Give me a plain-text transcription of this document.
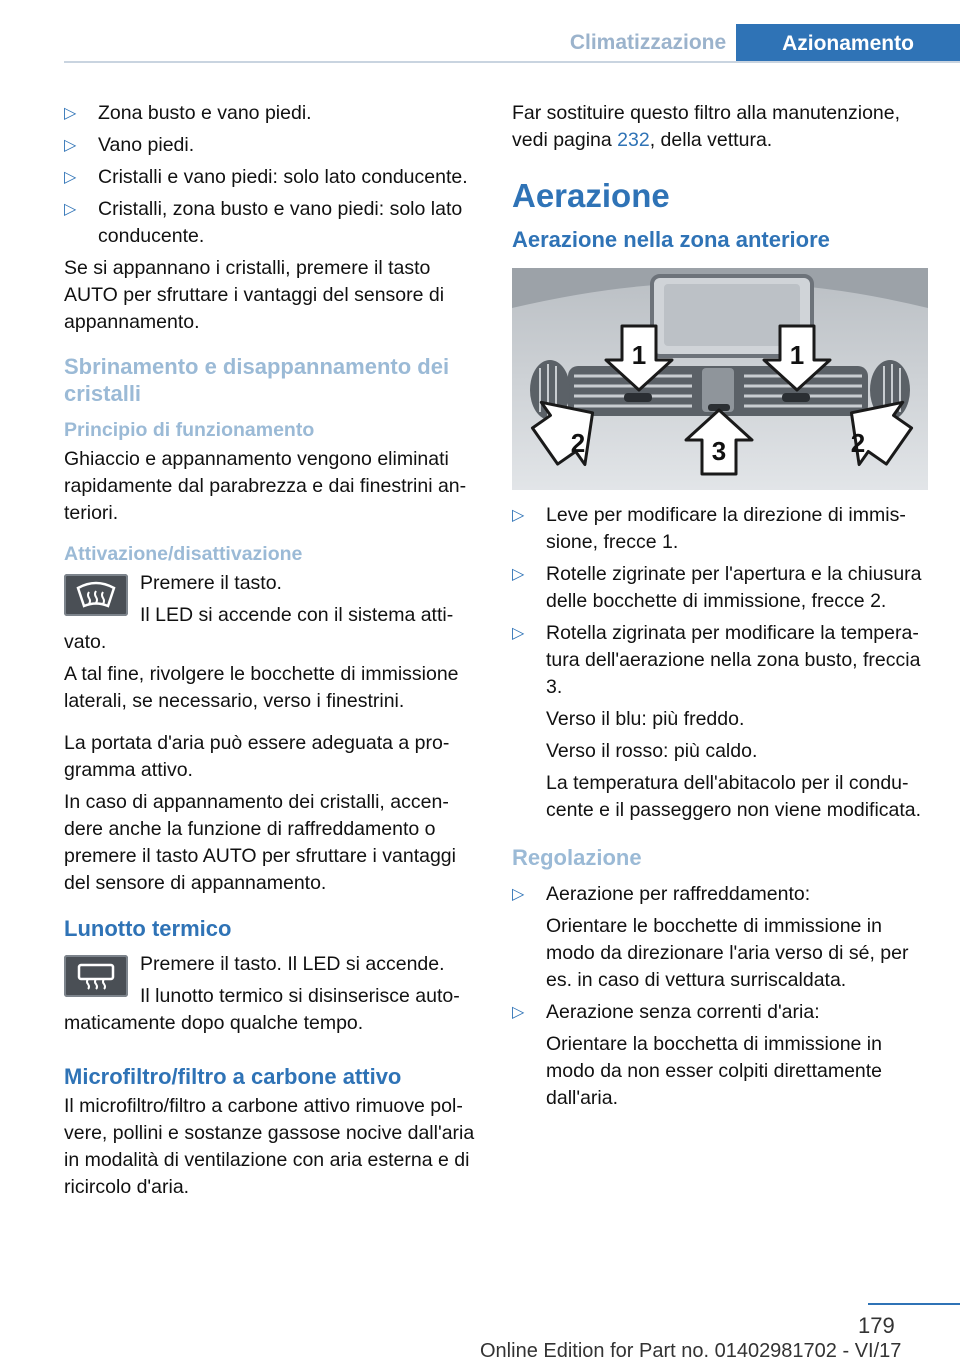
Climatizzazione	Azionamento
▷ Zona busto e vano piedi.
▷ Vano piedi.
▷ Cristalli e vano piedi: solo lato conducente.
▷ Cristalli, zona busto e vano piedi: solo lato conducente.

Se si appannano i cristalli, premere il tasto AUTO per sfruttare i vantaggi del sensore di appannamento.

Sbrinamento e disappannamento dei cristalli
Principio di funzionamento

Ghiaccio e appannamento vengono eliminati rapidamente dal parabrezza e dai finestrini anteriori.

Attivazione/disattivazione

Premere il tasto.

Il LED si accende con il sistema attivato.

A tal fine, rivolgere le bocchette di immissione laterali, se necessario, verso i finestrini.

La portata d'aria può essere adeguata a programma attivo.

In caso di appannamento dei cristalli, accendere anche la funzione di raffreddamento o premere il tasto AUTO per sfruttare i vantaggi del sensore di appannamento.

Lunotto termico

Premere il tasto. Il LED si accende.

Il lunotto termico si disinserisce automaticamente dopo qualche tempo.

Microfiltro/filtro a carbone attivo

Il microfiltro/filtro a carbone attivo rimuove polvere, pollini e sostanze gassose nocive dall'aria in modalità di ventilazione con aria esterna e di ricircolo d'aria.

Far sostituire questo filtro alla manutenzione, vedi pagina 232, della vettura.

Aerazione
Aerazione nella zona anteriore
1	1
2	2
3
▷ Leve per modificare la direzione di immissione, frecce 1.
▷ Rotelle zigrinate per l'apertura e la chiusura delle bocchette di immissione, frecce 2.
▷ Rotella zigrinata per modificare la temperatura dell'aerazione nella zona busto, freccia 3.

Verso il blu: più freddo.

Verso il rosso: più caldo.

La temperatura dell'abitacolo per il conducente e il passeggero non viene modificata.

Regolazione
▷ Aerazione per raffreddamento:

Orientare le bocchette di immissione in modo da direzionare l'aria verso di sé, per es. in caso di vettura surriscaldata.

▷ Aerazione senza correnti d'aria:

Orientare la bocchetta di immissione in modo da non esser colpiti direttamente dall'aria.

179
Online Edition for Part no. 01402981702 - VI/17
